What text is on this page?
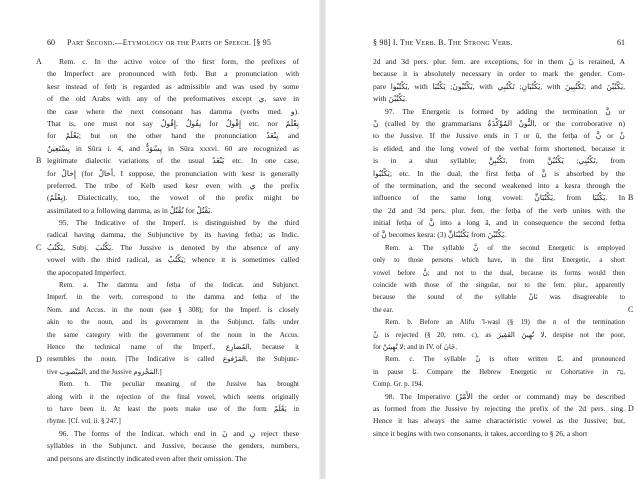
60 Part Second.—Etymology or the Parts of Speech. [§ 95
Rem. c. In the active voice of the first form, the prefixes of
the Imperfect are pronounced with fetḥ. But a pronunciation with
kesr instead of fetḥ is regarded as admissible and was used by some
of the old Arabs with any of the preformatives except ي, save in
the case where the next consonant has damma (verbs med. و).
That is, one must not say نِقُولُ ,إِقُولُ for إِقْولُ etc. nor يِعْلَمُ
for يَعْلَمُ; but on the other hand the pronunciation يِنْعَدُ and
يِسْتَعِينُ in Sûra i. 4, and يِسْوَدُّ in Sûra xxxvi. 60 are recognized as
legitimate dialectic variations of the usual يَنْعَدُ etc. In one case,
for إِخالُ (for أَخالُ, I suppose, the pronunciation with kesr is generally
preferred. The tribe of Kelb used kesr even with ي the prefix
(يِعْلَمُ). Dialectically, too, the vowel of the prefix might be
assimilated to a following damma, as in نُقْتُلُ for يَقْتُلُ.
95. The Indicative of the Imperf. is distinguished by the third
radical having damma, the Subjunctive by its having fetḥa; as Indic.
يَكْتُبُ, Subj. يَكْتُبَ. The Jussive is denoted by the absence of any
vowel with the third radical, as يَكْتُبْ; whence it is sometimes called
the apocopated Imperfect.
Rem. a. The damma and fetḥa of the Indicat. and Subjunct.
Imperf. in the verb, correspond to the damma and fetḥa of the
Nom. and Accus. in the noun (see § 308); for the Imperf. is closely
akin to the noun, and its government in the Subjunct. falls under
the same category with the government of the noun in the Accus.
Hence the technical name of the Imperf., المُضارِع, because it
resembles the noun. [The Indicative is called المَرْفوع, the Subjunc-
tive المَنْصوب, and the Jussive المَجْزوم.]
Rem. b. The peculiar meaning of the Jussive has brought
along with it the rejection of the final vowel, which seems originally
to have been it. At least the poets make use of the form يَعْلَمْ in
rhyme. [Cf. vol. ii. § 247.]
96. The forms of the Indicat. which end in نَ and نِ reject these
syllables in the Subjunct. and Jussive, because the genders, numbers,
and persons are distinctly indicated even after their omission. The
A
B
C
D
§ 98] I. The Verb. B. The Strong Verb.	61
2d and 3d pers. plur. fem. are exceptions, for in them نَ is retained, A
because it is absolutely necessary in order to mark the gender. Com-
pare يَكْتُبُوا, with يَكْتُبُونَ; يَكْتُبَا, with يَكْتُبَانِ; تَكْتُبِي, with تَكْتُبِينَ; and يَكْتُبْنَ,
with يَكْتُبْنَ.
97. The Energetic is formed by adding the termination نَّ or
نْ (called by the grammarians النُّونُ المُؤَكِّدَةُ, or the corroborative n)
to the Jussive. If the Jussive ends in î or û, the fetḥa of نَّ or نْ
is elided, and the long vowel of the verbal form shortened, because it
is in a shut syllable; تَكْتُبِنَّ, from تَكْتُبِي; يَكْتُبُنَّ, from
يَكْتُبُوا; etc. In the dual, the first fetḥa of نَّ is absorbed by the
of the termination, and the second weakened into a kesra through the
influence of the same long vowel: يَكْتُبَانِّ, from يَكْتُبَا. In
the 2d and 3d pers. plur. fem. the fetḥa of the verb unites with the
initial fetḥa of نَّ into a long â, and in consequence the second fetḥa
of نَّ becomes kesra: يَكْتُبْنَانِّ (3) from يَكْتُبْنَ.
Rem. a. The syllable نَّ of the second Energetic is employed
only to those persons which have, in the first Energetic, a short
vowel before نَّ; and not to the dual, because its forms would then
coincide with those of the singular, nor to the fem. plur., apparently
because the sound of the syllable نَانْ was disagreeable to
the ear.
Rem. b. Before an Alifu 'l-waṣl (§ 19) the n of the termination
نْ is rejected (§ 20, rem. c), as لا تُهِينَ الفَقِيرَ, despise not the poor,
for لا تُهِينَنْ; and in IV. of خَانَ.
Rem. c. The syllable نْ is often written نًا, and pronounced
in pause نَا. Compare the Hebrew Energetic or Cohortative in נָה,
Comp. Gr. p. 194.
98. The Imperative (الأَمْرُ the order or command) may be described
as formed from the Jussive by rejecting the prefix of the 2d pers. sing.
Hence it has always the same characteristic vowel as the Jussive; but,
since it begins with two consonants, it takes, according to § 26, a short
B
C
D
